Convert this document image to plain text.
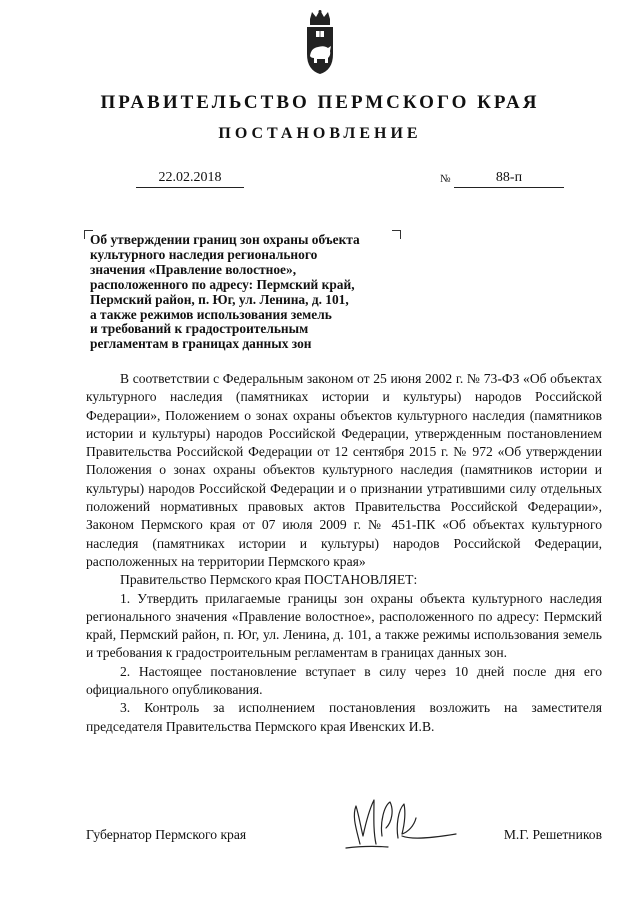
ПРАВИТЕЛЬСТВО ПЕРМСКОГО КРАЯ
ПОСТАНОВЛЕНИЕ
22.02.2018	№	88-п
Об утверждении границ зон охраны объекта
культурного наследия регионального
значения «Правление волостное»,
расположенного по адресу: Пермский край,
Пермский район, п. Юг, ул. Ленина, д. 101,
а также режимов использования земель
и требований к градостроительным
регламентам в границах данных зон

В соответствии с Федеральным законом от 25 июня 2002 г. № 73-ФЗ «Об объектах культурного наследия (памятниках истории и культуры) народов Российской Федерации», Положением о зонах охраны объектов культурного наследия (памятников истории и культуры) народов Российской Федерации, утвержденным постановлением Правительства Российской Федерации от 12 сентября 2015 г. № 972 «Об утверждении Положения о зонах охраны объектов культурного наследия (памятников истории и культуры) народов Российской Федерации и о признании утратившими силу отдельных положений нормативных правовых актов Правительства Российской Федерации», Законом Пермского края от 07 июля 2009 г. № 451-ПК «Об объектах культурного наследия (памятниках истории и культуры) народов Российской Федерации, расположенных на территории Пермского края»

Правительство Пермского края ПОСТАНОВЛЯЕТ:

1. Утвердить прилагаемые границы зон охраны объекта культурного наследия регионального значения «Правление волостное», расположенного по адресу: Пермский край, Пермский район, п. Юг, ул. Ленина, д. 101, а также режимы использования земель и требования к градостроительным регламентам в границах данных зон.

2. Настоящее постановление вступает в силу через 10 дней после дня его официального опубликования.

3. Контроль за исполнением постановления возложить на заместителя председателя Правительства Пермского края Ивенских И.В.

Губернатор Пермского края	М.Г. Решетников
